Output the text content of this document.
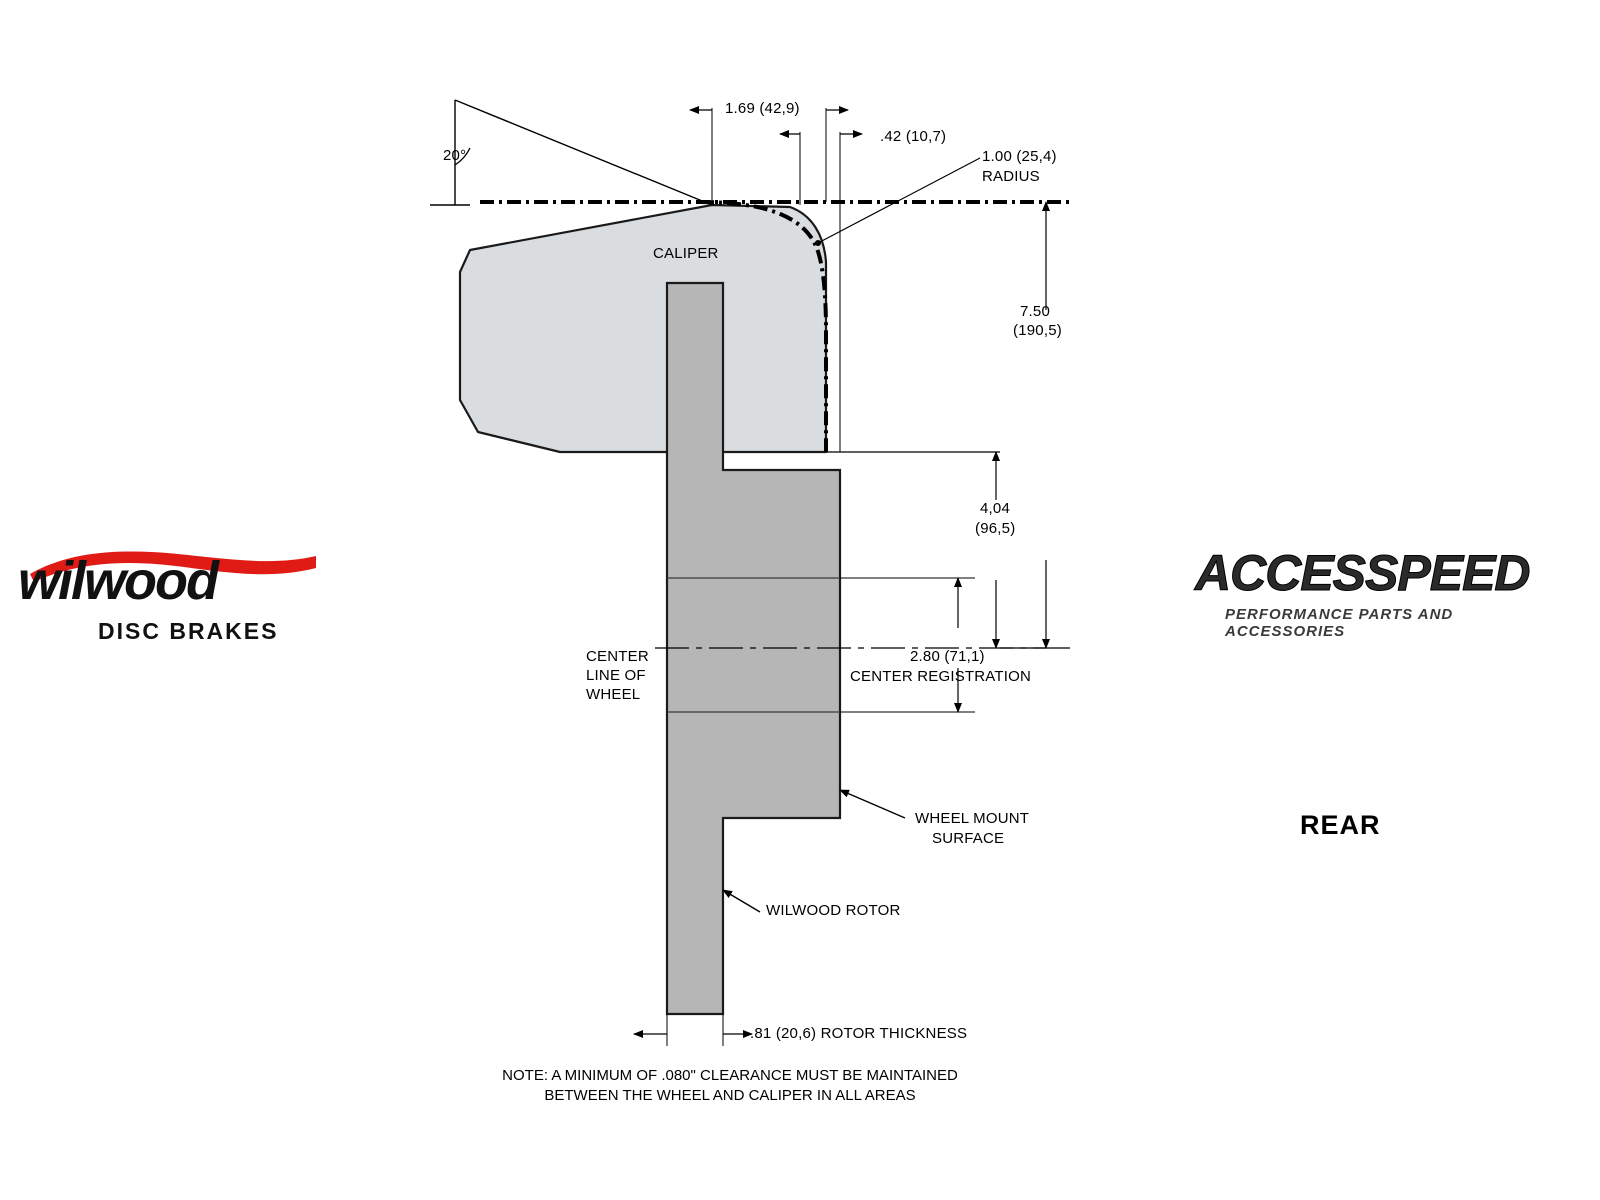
20°
1.69 (42,9)
.42 (10,7)
1.00 (25,4)
RADIUS
CALIPER
7.50
(190,5)
4,04
(96,5)
CENTER
LINE OF
WHEEL
2.80 (71,1)
CENTER REGISTRATION
WHEEL MOUNT
SURFACE
WILWOOD ROTOR
.81 (20,6) ROTOR THICKNESS
NOTE: A MINIMUM OF .080" CLEARANCE MUST BE MAINTAINED
BETWEEN THE WHEEL AND CALIPER IN ALL AREAS
wilwood
DISC BRAKES
ACCESSPEED
PERFORMANCE PARTS AND ACCESSORIES
REAR
